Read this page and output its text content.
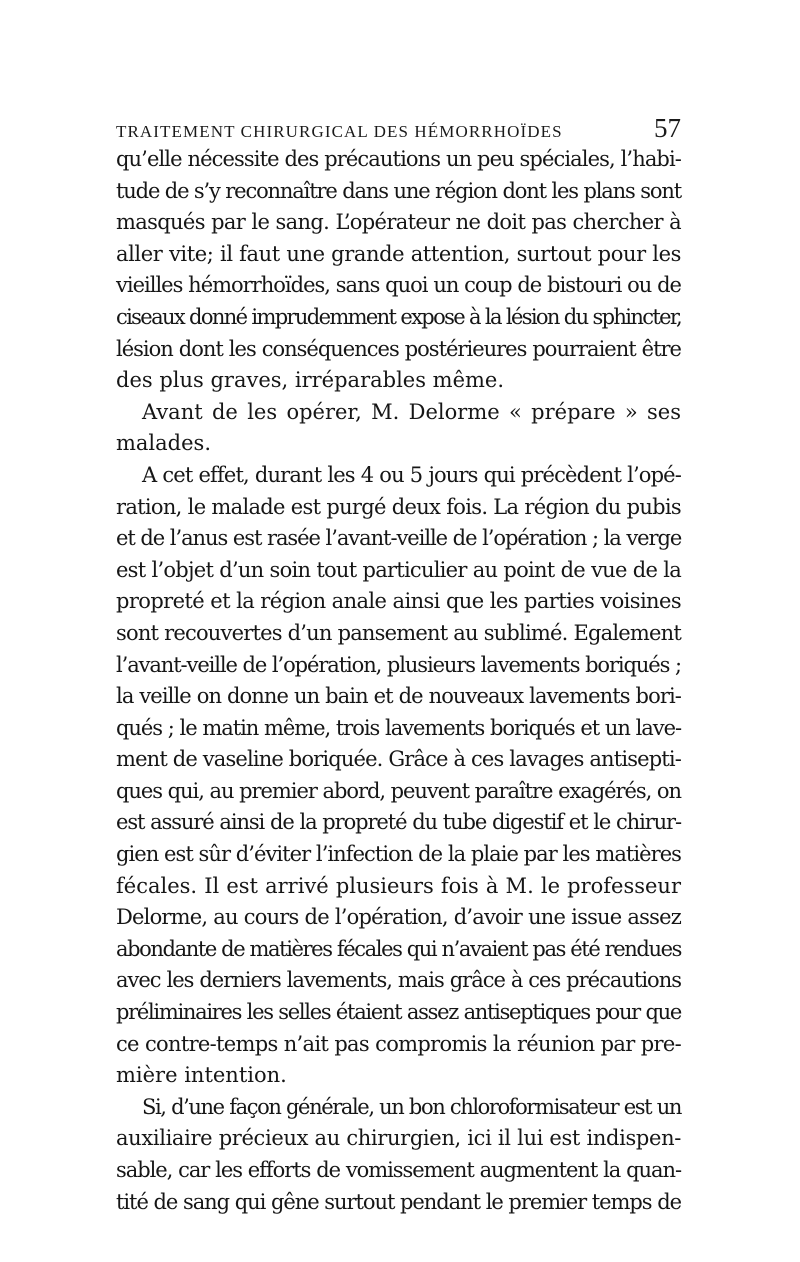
TRAITEMENT CHIRURGICAL DES HÉMORRHOÏDES	57
qu’elle nécessite des précautions un peu spéciales, l’habi-
tude de s’y reconnaître dans une région dont les plans sont
masqués par le sang. L’opérateur ne doit pas chercher à
aller vite; il faut une grande attention, surtout pour les
vieilles hémorrhoïdes, sans quoi un coup de bistouri ou de
ciseaux donné imprudemment expose à la lésion du sphincter,
lésion dont les conséquences postérieures pourraient être
des plus graves, irréparables même.
Avant de les opérer, M. Delorme « prépare » ses
malades.
A cet effet, durant les 4 ou 5 jours qui précèdent l’opé-
ration, le malade est purgé deux fois. La région du pubis
et de l’anus est rasée l’avant-veille de l’opération ; la verge
est l’objet d’un soin tout particulier au point de vue de la
propreté et la région anale ainsi que les parties voisines
sont recouvertes d’un pansement au sublimé. Egalement
l’avant-veille de l’opération, plusieurs lavements boriqués ;
la veille on donne un bain et de nouveaux lavements bori-
qués ; le matin même, trois lavements boriqués et un lave-
ment de vaseline boriquée. Grâce à ces lavages antisepti-
ques qui, au premier abord, peuvent paraître exagérés, on
est assuré ainsi de la propreté du tube digestif et le chirur-
gien est sûr d’éviter l’infection de la plaie par les matières
fécales. Il est arrivé plusieurs fois à M. le professeur
Delorme, au cours de l’opération, d’avoir une issue assez
abondante de matières fécales qui n’avaient pas été rendues
avec les derniers lavements, mais grâce à ces précautions
préliminaires les selles étaient assez antiseptiques pour que
ce contre-temps n’ait pas compromis la réunion par pre-
mière intention.
Si, d’une façon générale, un bon chloroformisateur est un
auxiliaire précieux au chirurgien, ici il lui est indispen-
sable, car les efforts de vomissement augmentent la quan-
tité de sang qui gêne surtout pendant le premier temps de
